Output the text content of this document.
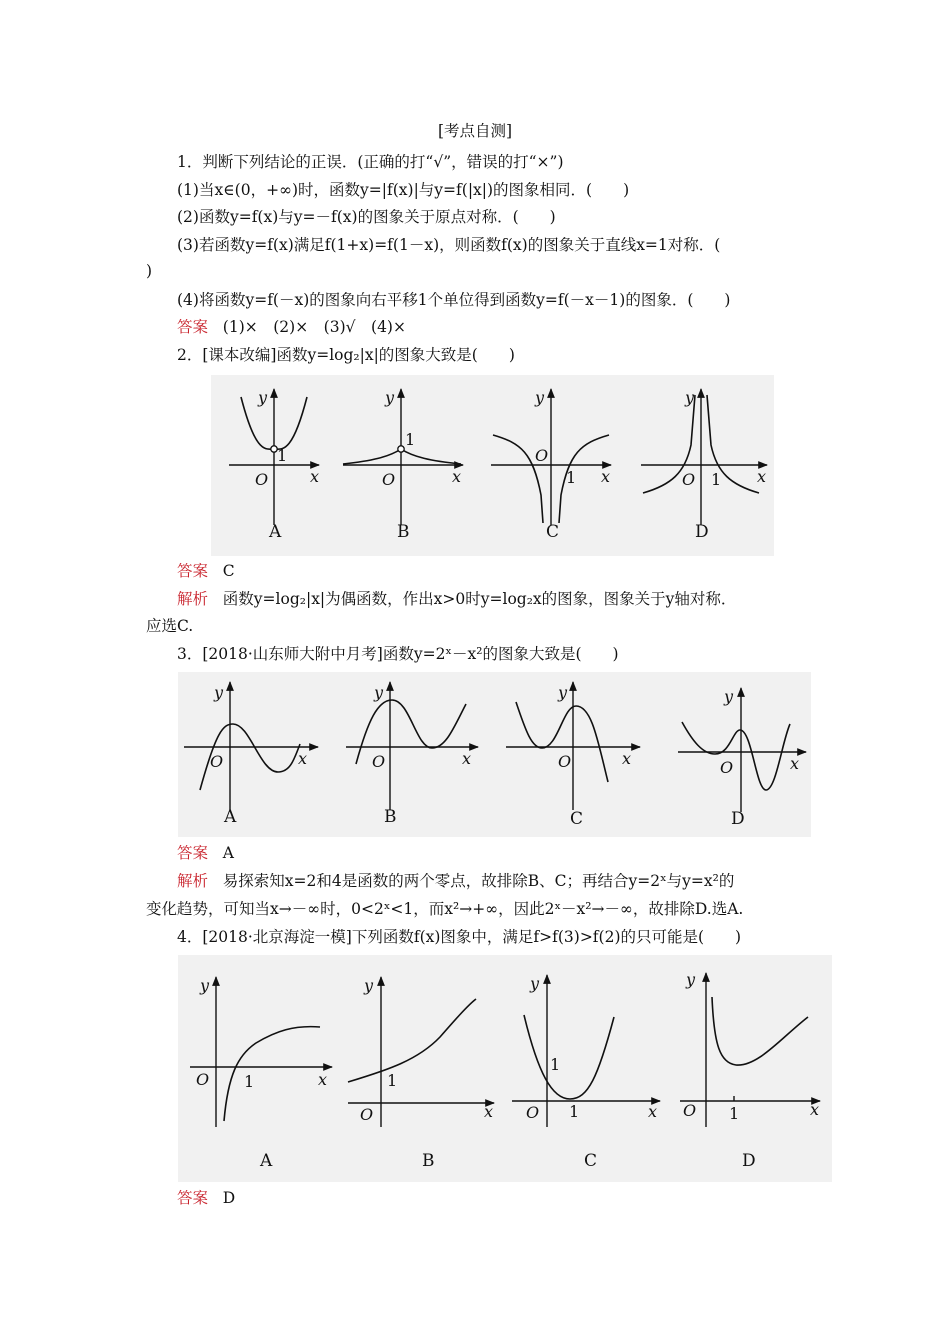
[考点自测]
1．判断下列结论的正误．(正确的打“√”，错误的打“×”)
(1)当x∈(0，+∞)时，函数y=|f(x)|与y=f(|x|)的图象相同．(　　)
(2)函数y=f(x)与y=－f(x)的图象关于原点对称．(　　)
(3)若函数y=f(x)满足f(1+x)=f(1－x)，则函数f(x)的图象关于直线x=1对称．(
)
(4)将函数y=f(－x)的图象向右平移1个单位得到函数y=f(－x－1)的图象．(　　)
答案 (1)×　(2)×　(3)√　(4)×
2．[课本改编]函数y=log₂|x|的图象大致是(　　)
y
x
O
1
A
y
x
O
1
B
y
x
O
1
C
y
x
O 1
D
答案 C
解析 函数y=log₂|x|为偶函数，作出x>0时y=log₂x的图象，图象关于y轴对称．
应选C.
3．[2018·山东师大附中月考]函数y=2ˣ－x²的图象大致是(　　)
y
x
O
A
y
x
O
B
y
x
O
C
y
x
O
D
答案 A
解析 易探索知x=2和4是函数的两个零点，故排除B、C；再结合y=2ˣ与y=x²的
变化趋势，可知当x→－∞时，0<2ˣ<1，而x²→+∞，因此2ˣ－x²→－∞，故排除D.选A.
4．[2018·北京海淀一模]下列函数f(x)图象中，满足f>f(3)>f(2)的只可能是(　　)
y
x
O 1
A
y
x
O
1
B
y
x
O
1
1
C
y
x
O 1
D
答案 D
